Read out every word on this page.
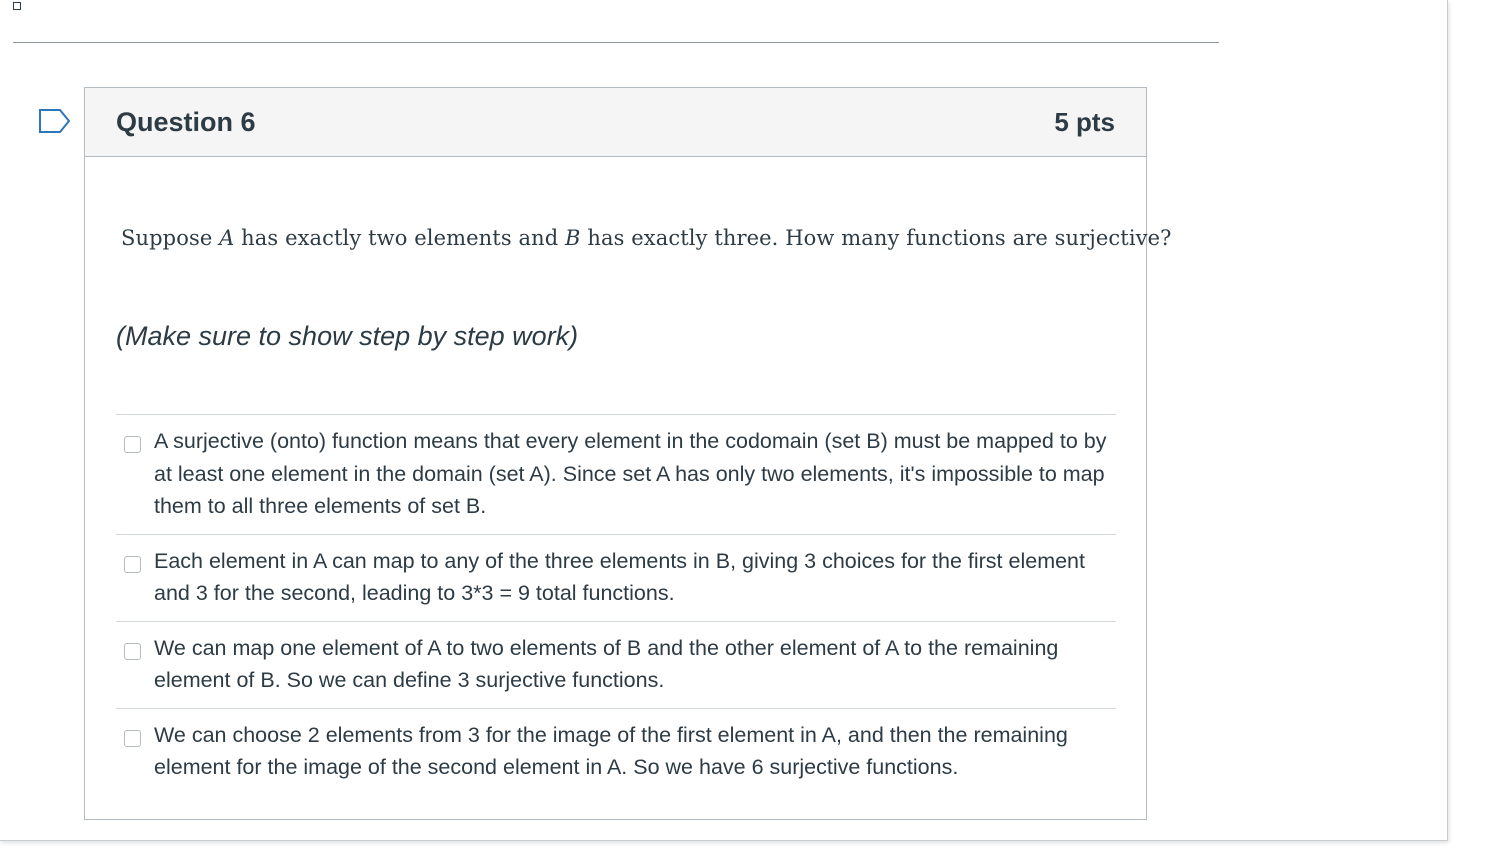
Question 6	5 pts
Suppose A has exactly two elements and B has exactly three. How many functions are surjective?
(Make sure to show step by step work)
A surjective (onto) function means that every element in the codomain (set B) must be mapped to by at least one element in the domain (set A). Since set A has only two elements, it's impossible to map them to all three elements of set B.
Each element in A can map to any of the three elements in B, giving 3 choices for the first element and 3 for the second, leading to 3*3 = 9 total functions.
We can map one element of A to two elements of B and the other element of A to the remaining element of B. So we can define 3 surjective functions.
We can choose 2 elements from 3 for the image of the first element in A, and then the remaining element for the image of the second element in A. So we have 6 surjective functions.
